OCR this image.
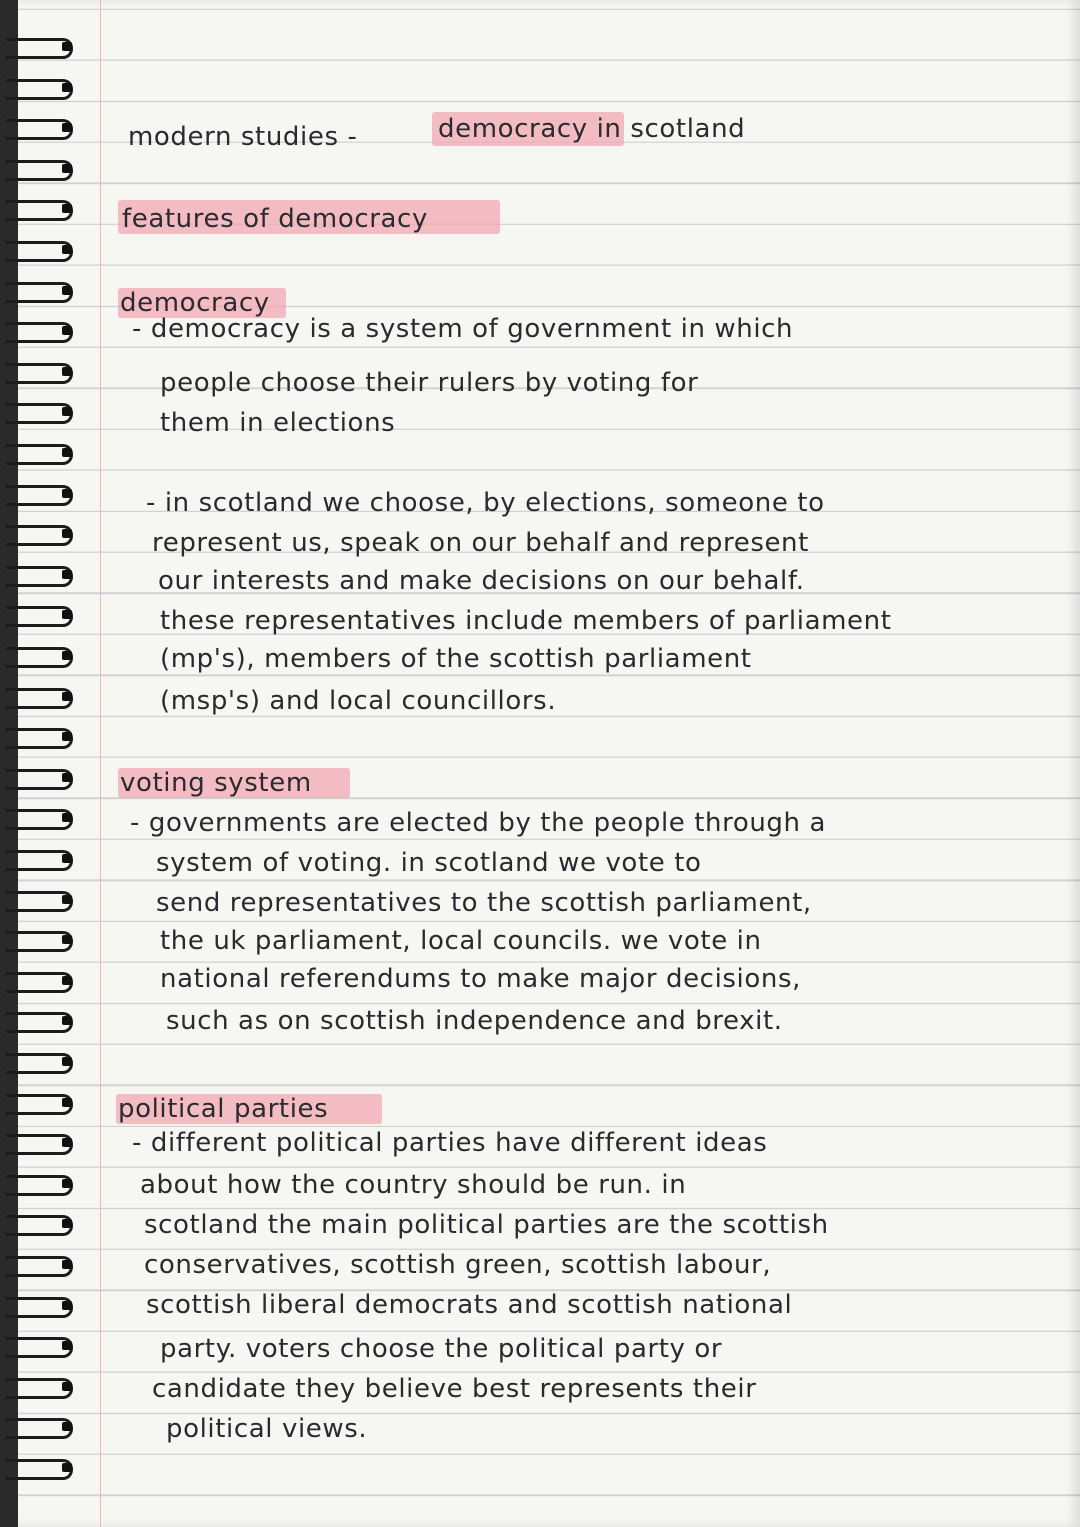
modern studies -	democracy in scotland
features of democracy
democracy
- democracy is a system of government in which
people choose their rulers by voting for
them in elections
- in scotland we choose, by elections, someone to
represent us, speak on our behalf and represent
our interests and make decisions on our behalf.
these representatives include members of parliament
(mp's), members of the scottish parliament
(msp's) and local councillors.
voting system
- governments are elected by the people through a
system of voting. in scotland we vote to
send representatives to the scottish parliament,
the uk parliament, local councils. we vote in
national referendums to make major decisions,
such as on scottish independence and brexit.
political parties
- different political parties have different ideas
about how the country should be run. in
scotland the main political parties are the scottish
conservatives, scottish green, scottish labour,
scottish liberal democrats and scottish national
party. voters choose the political party or
candidate they believe best represents their
political views.
